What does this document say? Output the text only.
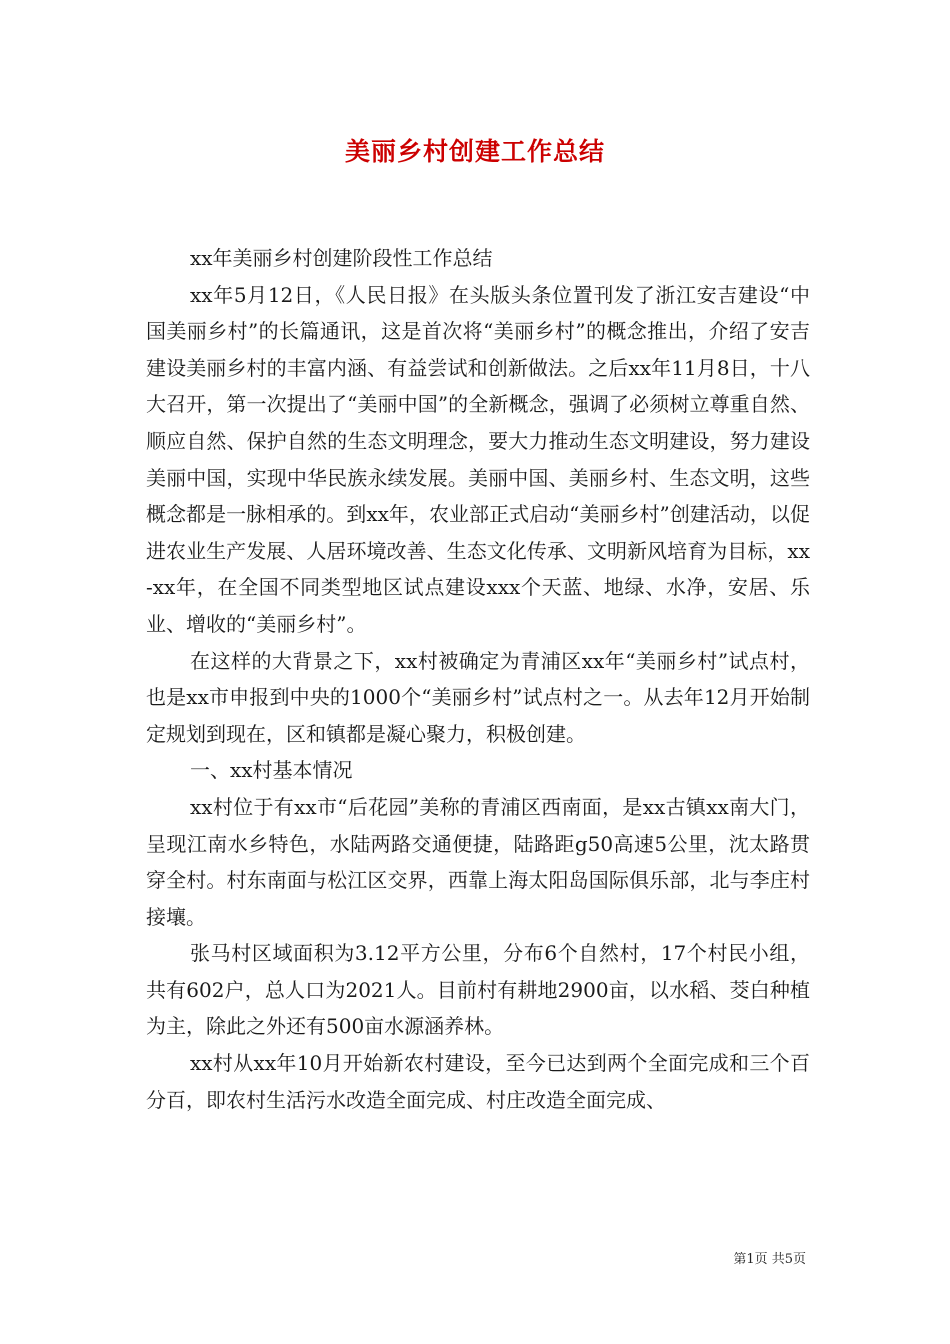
美丽乡村创建工作总结

xx年美丽乡村创建阶段性工作总结

xx年5月12日，《人民日报》在头版头条位置刊发了浙江安吉建设“中国美丽乡村”的长篇通讯，这是首次将“美丽乡村”的概念推出，介绍了安吉建设美丽乡村的丰富内涵、有益尝试和创新做法。之后xx年11月8日，十八大召开，第一次提出了“美丽中国”的全新概念，强调了必须树立尊重自然、顺应自然、保护自然的生态文明理念，要大力推动生态文明建设，努力建设美丽中国，实现中华民族永续发展。美丽中国、美丽乡村、生态文明，这些概念都是一脉相承的。到xx年，农业部正式启动“美丽乡村”创建活动，以促进农业生产发展、人居环境改善、生态文化传承、文明新风培育为目标，xx-xx年，在全国不同类型地区试点建设xxx个天蓝、地绿、水净，安居、乐业、增收的“美丽乡村”。

在这样的大背景之下，xx村被确定为青浦区xx年“美丽乡村”试点村，也是xx市申报到中央的1000个“美丽乡村”试点村之一。从去年12月开始制定规划到现在，区和镇都是凝心聚力，积极创建。

一、xx村基本情况

xx村位于有xx市“后花园”美称的青浦区西南面，是xx古镇xx南大门，呈现江南水乡特色，水陆两路交通便捷，陆路距g50高速5公里，沈太路贯穿全村。村东南面与松江区交界，西靠上海太阳岛国际俱乐部，北与李庄村接壤。

张马村区域面积为3.12平方公里，分布6个自然村，17个村民小组，共有602户，总人口为2021人。目前村有耕地2900亩，以水稻、茭白种植为主，除此之外还有500亩水源涵养林。

xx村从xx年10月开始新农村建设，至今已达到两个全面完成和三个百分百，即农村生活污水改造全面完成、村庄改造全面完成、

第1页 共5页
